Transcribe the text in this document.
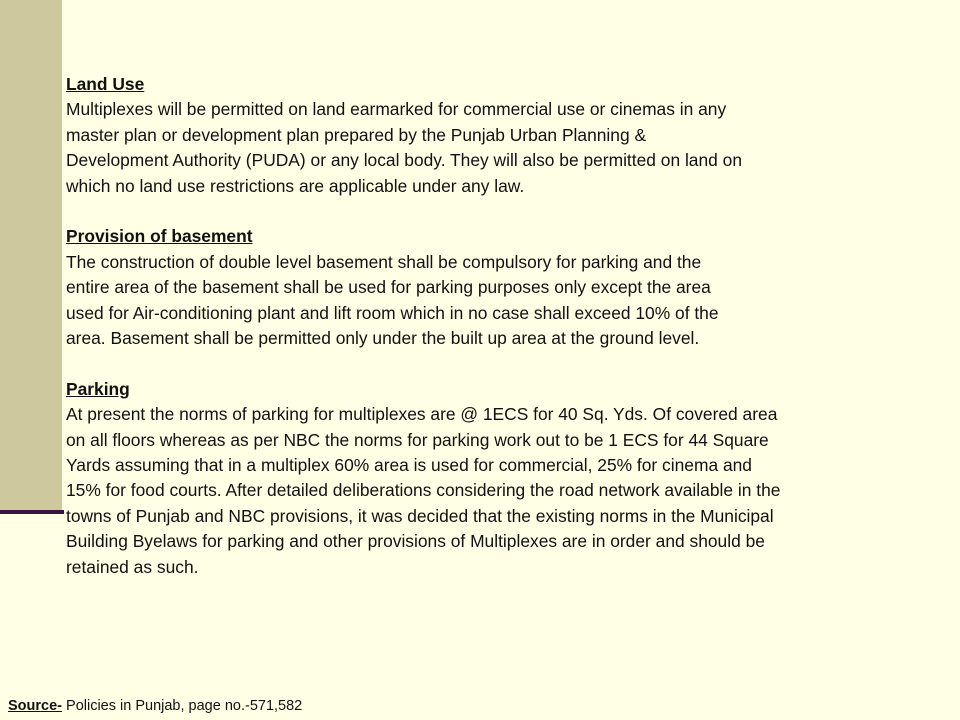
Land Use

Multiplexes will be permitted on land earmarked for commercial use or cinemas in any

master plan or development plan prepared by the Punjab Urban Planning &

Development Authority (PUDA) or any local body. They will also be permitted on land on

which no land use restrictions are applicable under any law.

Provision of basement

The construction of double level basement shall be compulsory for parking and the

entire area of the basement shall be used for parking purposes only except the area

used for Air-conditioning plant and lift room which in no case shall exceed 10% of the

area. Basement shall be permitted only under the built up area at the ground level.

Parking

At present the norms of parking for multiplexes are @ 1ECS for 40 Sq. Yds. Of covered area

on all floors whereas as per NBC the norms for parking work out to be 1 ECS for 44 Square

Yards assuming that in a multiplex 60% area is used for commercial, 25% for cinema and

15% for food courts. After detailed deliberations considering the road network available in the

towns of Punjab and NBC provisions, it was decided that the existing norms in the Municipal

Building Byelaws for parking and other provisions of Multiplexes are in order and should be

retained as such.

Source- Policies in Punjab, page no.-571,582
